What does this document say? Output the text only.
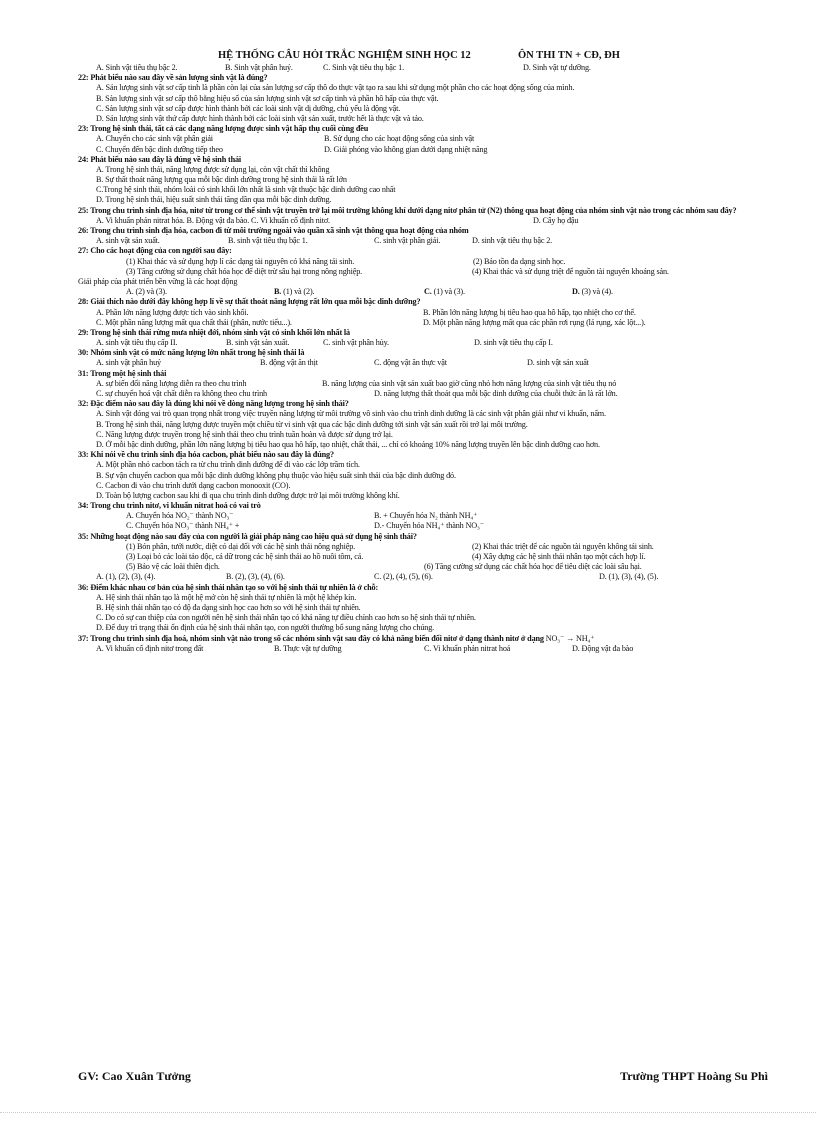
HỆ THỐNG CÂU HỎI TRẮC NGHIỆM SINH HỌC 12	ÔN THI TN + CĐ, ĐH
A. Sinh vật tiêu thụ bậc 2.	B. Sinh vật phân huỷ.	C. Sinh vật tiêu thụ bậc 1.	D. Sinh vật tự dưỡng.
22: Phát biểu nào sau đây về sản lượng sinh vật là đúng?
A. Sản lượng sinh vật sơ cấp tinh là phần còn lại của sản lượng sơ cấp thô do thực vật tạo ra sau khi sử dụng một phần cho các hoạt động sống của mình.
B. Sản lượng sinh vật sơ cấp thô bằng hiệu số của sản lượng sinh vật sơ cấp tinh và phần hô hấp của thực vật.
C. Sản lượng sinh vật sơ cấp được hình thành bởi các loài sinh vật dị dưỡng, chủ yếu là động vật.
D. Sản lượng sinh vật thứ cấp được hình thành bởi các loài sinh vật sản xuất, trước hết là thực vật và tảo.
23: Trong hệ sinh thái, tất cả các dạng năng lượng được sinh vật hấp thụ cuối cùng đều
A. Chuyển cho các sinh vật phân giải	B. Sử dụng cho các hoạt động sống của sinh vật
C. Chuyển đến bậc dinh dưỡng tiếp theo	D. Giải phóng vào không gian dưới dạng nhiệt năng
24: Phát biểu nào sau đây là đúng về hệ sinh thái
A. Trong hệ sinh thái, năng lượng được sử dụng lại, còn vật chất thì không
B. Sự thất thoát năng lượng qua mỗi bậc dinh dưỡng trong hệ sinh thái là rất lớn
C.Trong hệ sinh thái, nhóm loài có sinh khối lớn nhất là sinh vật thuộc bậc dinh dưỡng cao nhất
D. Trong hệ sinh thái, hiệu suất sinh thái tăng dần qua mỗi bậc dinh dưỡng.
25: Trong chu trình sinh địa hóa, nitơ từ trong cơ thể sinh vật truyền trở lại môi trường không khí dưới dạng nitơ phân tử (N2) thông qua hoạt động của nhóm sinh vật nào trong các nhóm sau đây?
A. Vi khuẩn phản nitrat hóa. B. Động vật đa bào. C. Vi khuẩn cố định nitơ.	D. Cây họ đậu
26: Trong chu trình sinh địa hóa, cacbon đi từ môi trường ngoài vào quần xã sinh vật thông qua hoạt động của nhóm
A. sinh vật sản xuất.	B. sinh vật tiêu thụ bậc 1.	C. sinh vật phân giải.	D. sinh vật tiêu thụ bậc 2.
27: Cho các hoạt động của con người sau đây:
(1) Khai thác và sử dụng hợp lí các dạng tài nguyên có khả năng tái sinh.	(2) Bảo tồn đa dạng sinh học.
(3) Tăng cường sử dụng chất hóa học để diệt trừ sâu hại trong nông nghiệp.	(4) Khai thác và sử dụng triệt để nguồn tài nguyên khoáng sản.
Giải pháp của phát triển bền vững là các hoạt động
A. (2) và (3).	B. (1) và (2).	C. (1) và (3).	D. (3) và (4).
28: Giải thích nào dưới đây không hợp lí về sự thất thoát năng lượng rất lớn qua mỗi bậc dinh dưỡng?
A. Phần lớn năng lượng được tích vào sinh khối.	B. Phần lớn năng lượng bị tiêu hao qua hô hấp, tạo nhiệt cho cơ thể.
C. Một phần năng lượng mất qua chất thải (phân, nước tiểu...).	D. Một phần năng lượng mất qua các phần rơi rụng (lá rụng, xác lột...).
29: Trong hệ sinh thái rừng mưa nhiệt đới, nhóm sinh vật có sinh khối lớn nhất là
A. sinh vật tiêu thụ cấp II.	B. sinh vật sản xuất.	C. sinh vật phân hủy.	D. sinh vật tiêu thụ cấp I.
30: Nhóm sinh vật có mức năng lượng lớn nhất trong hệ sinh thái là
A. sinh vật phân huỷ	B. động vật ăn thịt	C. động vật ăn thực vật	D. sinh vật sản xuất
31: Trong một hệ sinh thái
A. sự biến đổi năng lượng diễn ra theo chu trình	B. năng lượng của sinh vật sản xuất bao giờ cũng nhỏ hơn năng lượng của sinh vật tiêu thụ nó
C. sự chuyển hoá vật chất diễn ra không theo chu trình	D. năng lượng thất thoát qua mỗi bậc dinh dưỡng của chuỗi thức ăn là rất lớn.
32: Đặc điểm nào sau đây là đúng khi nói về dòng năng lượng trong hệ sinh thái?
A. Sinh vật đóng vai trò quan trọng nhất trong việc truyền năng lượng từ môi trường vô sinh vào chu trình dinh dưỡng là các sinh vật phân giải như vi khuẩn, nấm.
B. Trong hệ sinh thái, năng lượng được truyền một chiều từ vi sinh vật qua các bậc dinh dưỡng tới sinh vật sản xuất rồi trở lại môi trường.
C. Năng lượng được truyền trong hệ sinh thái theo chu trình tuần hoàn và được sử dụng trở lại.
D. Ở mỗi bậc dinh dưỡng, phần lớn năng lượng bị tiêu hao qua hô hấp, tạo nhiệt, chất thải, ... chỉ có khoảng 10% năng lượng truyền lên bậc dinh dưỡng cao hơn.
33: Khi nói về chu trình sinh địa hóa cacbon, phát biểu nào sau đây là đúng?
A. Một phần nhỏ cacbon tách ra từ chu trình dinh dưỡng để đi vào các lớp trầm tích.
B. Sự vận chuyển cacbon qua mỗi bậc dinh dưỡng không phụ thuộc vào hiệu suất sinh thái của bậc dinh dưỡng đó.
C. Cacbon đi vào chu trình dưới dạng cacbon monooxit (CO).
D. Toàn bộ lượng cacbon sau khi đi qua chu trình dinh dưỡng được trở lại môi trường không khí.
34: Trong chu trình nitơ, vi khuẩn nitrat hoá có vai trò
A. Chuyển hóa NO₂⁻ thành NO₃⁻	B. + Chuyển hóa N₂ thành NH₄⁺
C. Chuyển hóa NO₃⁻ thành NH₄⁺ +	D.- Chuyển hóa NH₄⁺ thành NO₃⁻
35: Những hoạt động nào sau đây của con người là giải pháp nâng cao hiệu quả sử dụng hệ sinh thái?
(1) Bón phân, tưới nước, diệt cỏ dại đối với các hệ sinh thái nông nghiệp.	(2) Khai thác triệt để các nguồn tài nguyên không tái sinh.
(3) Loại bỏ các loài tảo độc, cá dữ trong các hệ sinh thái ao hồ nuôi tôm, cá.	(4) Xây dựng các hệ sinh thái nhân tạo một cách hợp lí.
(5) Bảo vệ các loài thiên địch.	(6) Tăng cường sử dụng các chất hóa học để tiêu diệt các loài sâu hại.
A. (1), (2), (3), (4).	B. (2), (3), (4), (6).	C. (2), (4), (5), (6).	D. (1), (3), (4), (5).
36: Điểm khác nhau cơ bản của hệ sinh thái nhân tạo so với hệ sinh thái tự nhiên là ở chỗ:
A. Hệ sinh thái nhân tạo là một hệ mở còn hệ sinh thái tự nhiên là một hệ khép kín.
B. Hệ sinh thái nhân tạo có độ đa dạng sinh học cao hơn so với hệ sinh thái tự nhiên.
C. Do có sự can thiệp của con người nên hệ sinh thái nhân tạo có khả năng tự điều chỉnh cao hơn so hệ sinh thái tự nhiên.
D. Để duy trì trạng thái ổn định của hệ sinh thái nhân tạo, con người thường bổ sung năng lượng cho chúng.
37: Trong chu trình sinh địa hoá, nhóm sinh vật nào trong số các nhóm sinh vật sau đây có khả năng biến đổi nitơ ở dạng thành nitơ ở dạng NO₃⁻ → NH₄⁺
A. Vi khuẩn cố định nitơ trong đất	B. Thực vật tự dưỡng	C. Vi khuẩn phản nitrat hoá	D. Động vật đa bào
GV: Cao Xuân Tưởng	Trường THPT Hoàng Su Phì
